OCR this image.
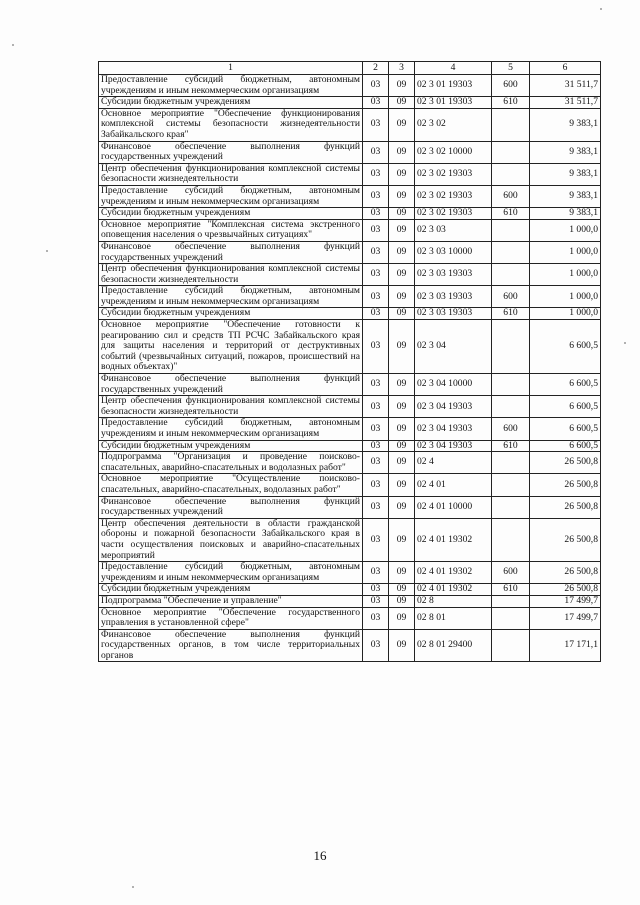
1	2	3	4	5	6
Предоставление субсидий бюджетным, автономным учреждениям и иным некоммерческим организациям	03	09	02 3 01 19303	600	31 511,7
Субсидии бюджетным учреждениям	03	09	02 3 01 19303	610	31 511,7
Основное мероприятие "Обеспечение функционирования комплексной системы безопасности жизнедеятельности Забайкальского края"	03	09	02 3 02		9 383,1
Финансовое обеспечение выполнения функций государственных учреждений	03	09	02 3 02 10000		9 383,1
Центр обеспечения функционирования комплексной системы безопасности жизнедеятельности	03	09	02 3 02 19303		9 383,1
Предоставление субсидий бюджетным, автономным учреждениям и иным некоммерческим организациям	03	09	02 3 02 19303	600	9 383,1
Субсидии бюджетным учреждениям	03	09	02 3 02 19303	610	9 383,1
Основное мероприятие "Комплексная система экстренного оповещения населения о чрезвычайных ситуациях"	03	09	02 3 03		1 000,0
Финансовое обеспечение выполнения функций государственных учреждений	03	09	02 3 03 10000		1 000,0
Центр обеспечения функционирования комплексной системы безопасности жизнедеятельности	03	09	02 3 03 19303		1 000,0
Предоставление субсидий бюджетным, автономным учреждениям и иным некоммерческим организациям	03	09	02 3 03 19303	600	1 000,0
Субсидии бюджетным учреждениям	03	09	02 3 03 19303	610	1 000,0
Основное мероприятие "Обеспечение готовности к реагированию сил и средств ТП РСЧС Забайкальского края для защиты населения и территорий от деструктивных событий (чрезвычайных ситуаций, пожаров, происшествий на водных объектах)"	03	09	02 3 04		6 600,5
Финансовое обеспечение выполнения функций государственных учреждений	03	09	02 3 04 10000		6 600,5
Центр обеспечения функционирования комплексной системы безопасности жизнедеятельности	03	09	02 3 04 19303		6 600,5
Предоставление субсидий бюджетным, автономным учреждениям и иным некоммерческим организациям	03	09	02 3 04 19303	600	6 600,5
Субсидии бюджетным учреждениям	03	09	02 3 04 19303	610	6 600,5
Подпрограмма "Организация и проведение поисково-спасательных, аварийно-спасательных и водолазных работ"	03	09	02 4		26 500,8
Основное мероприятие "Осуществление поисково-спасательных, аварийно-спасательных, водолазных работ"	03	09	02 4 01		26 500,8
Финансовое обеспечение выполнения функций государственных учреждений	03	09	02 4 01 10000		26 500,8
Центр обеспечения деятельности в области гражданской обороны и пожарной безопасности Забайкальского края в части осуществления поисковых и аварийно-спасательных мероприятий	03	09	02 4 01 19302		26 500,8
Предоставление субсидий бюджетным, автономным учреждениям и иным некоммерческим организациям	03	09	02 4 01 19302	600	26 500,8
Субсидии бюджетным учреждениям	03	09	02 4 01 19302	610	26 500,8
Подпрограмма "Обеспечение и управление"	03	09	02 8		17 499,7
Основное мероприятие "Обеспечение государственного управления в установленной сфере"	03	09	02 8 01		17 499,7
Финансовое обеспечение выполнения функций государственных органов, в том числе территориальных органов	03	09	02 8 01 29400		17 171,1
16
